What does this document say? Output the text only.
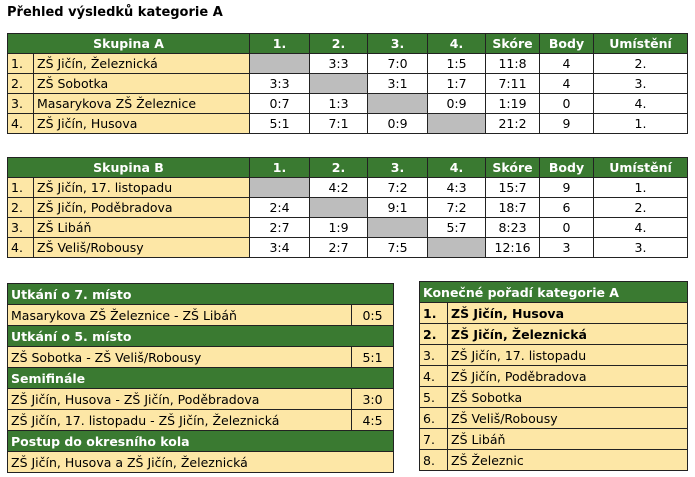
Přehled výsledků kategorie A
Skupina A		1.	2.	3.	4.	Skóre	Body	Umístění
1.	ZŠ Jičín, Železnická		3:3	7:0	1:5	11:8	4	2.
2.	ZŠ Sobotka	3:3		3:1	1:7	7:11	4	3.
3.	Masarykova ZŠ Železnice	0:7	1:3		0:9	1:19	0	4.
4.	ZŠ Jičín, Husova	5:1	7:1	0:9		21:2	9	1.
Skupina B		1.	2.	3.	4.	Skóre	Body	Umístění
1.	ZŠ Jičín, 17. listopadu		4:2	7:2	4:3	15:7	9	1.
2.	ZŠ Jičín, Poděbradova	2:4		9:1	7:2	18:7	6	2.
3.	ZŠ Libáň	2:7	1:9		5:7	8:23	0	4.
4.	ZŠ Veliš/Robousy	3:4	2:7	7:5		12:16	3	3.
Utkání o 7. místo	
Masarykova ZŠ Železnice - ZŠ Libáň	0:5
Utkání o 5. místo	
ZŠ Sobotka - ZŠ Veliš/Robousy	5:1
Semifinále	
ZŠ Jičín, Husova - ZŠ Jičín, Poděbradova	3:0
ZŠ Jičín, 17. listopadu - ZŠ Jičín, Železnická	4:5
Postup do okresního kola	
ZŠ Jičín, Husova a ZŠ Jičín, Železnická	
Konečné pořadí kategorie A	
1.	ZŠ Jičín, Husova
2.	ZŠ Jičín, Železnická
3.	ZŠ Jičín, 17. listopadu
4.	ZŠ Jičín, Poděbradova
5.	ZŠ Sobotka
6.	ZŠ Veliš/Robousy
7.	ZŠ Libáň
8.	ZŠ Železnic
